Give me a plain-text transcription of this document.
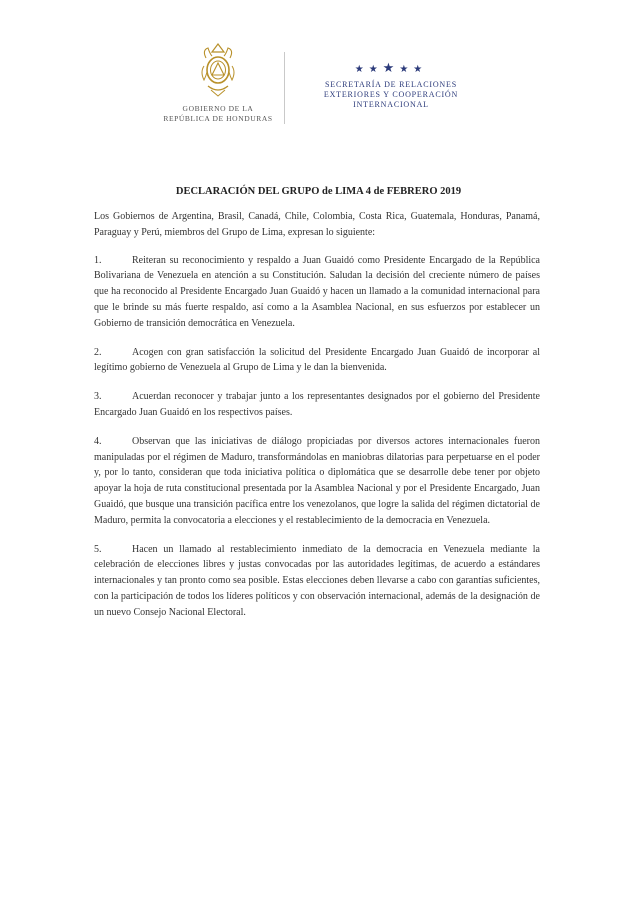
GOBIERNO DE LA
REPÚBLICA DE HONDURAS
★★★★★
SECRETARÍA DE RELACIONES
EXTERIORES Y COOPERACIÓN
INTERNACIONAL
DECLARACIÓN DEL GRUPO de LIMA 4 de FEBRERO 2019

Los Gobiernos de Argentina, Brasil, Canadá, Chile, Colombia, Costa Rica, Guatemala, Honduras, Panamá, Paraguay y Perú, miembros del Grupo de Lima, expresan lo siguiente:

1.	Reiteran su reconocimiento y respaldo a Juan Guaidó como Presidente Encargado de la República Bolivariana de Venezuela en atención a su Constitución. Saludan la decisión del creciente número de países que ha reconocido al Presidente Encargado Juan Guaidó y hacen un llamado a la comunidad internacional para que le brinde su más fuerte respaldo, así como a la Asamblea Nacional, en sus esfuerzos por establecer un Gobierno de transición democrática en Venezuela.

2.	Acogen con gran satisfacción la solicitud del Presidente Encargado Juan Guaidó de incorporar al legítimo gobierno de Venezuela al Grupo de Lima y le dan la bienvenida.

3.	Acuerdan reconocer y trabajar junto a los representantes designados por el gobierno del Presidente Encargado Juan Guaidó en los respectivos países.

4.	Observan que las iniciativas de diálogo propiciadas por diversos actores internacionales fueron manipuladas por el régimen de Maduro, transformándolas en maniobras dilatorias para perpetuarse en el poder y, por lo tanto, consideran que toda iniciativa política o diplomática que se desarrolle debe tener por objeto apoyar la hoja de ruta constitucional presentada por la Asamblea Nacional y por el Presidente Encargado, Juan Guaidó, que busque una transición pacífica entre los venezolanos, que logre la salida del régimen dictatorial de Maduro, permita la convocatoria a elecciones y el restablecimiento de la democracia en Venezuela.

5.	Hacen un llamado al restablecimiento inmediato de la democracia en Venezuela mediante la celebración de elecciones libres y justas convocadas por las autoridades legítimas, de acuerdo a estándares internacionales y tan pronto como sea posible. Estas elecciones deben llevarse a cabo con garantías suficientes, con la participación de todos los líderes políticos y con observación internacional, además de la designación de un nuevo Consejo Nacional Electoral.
